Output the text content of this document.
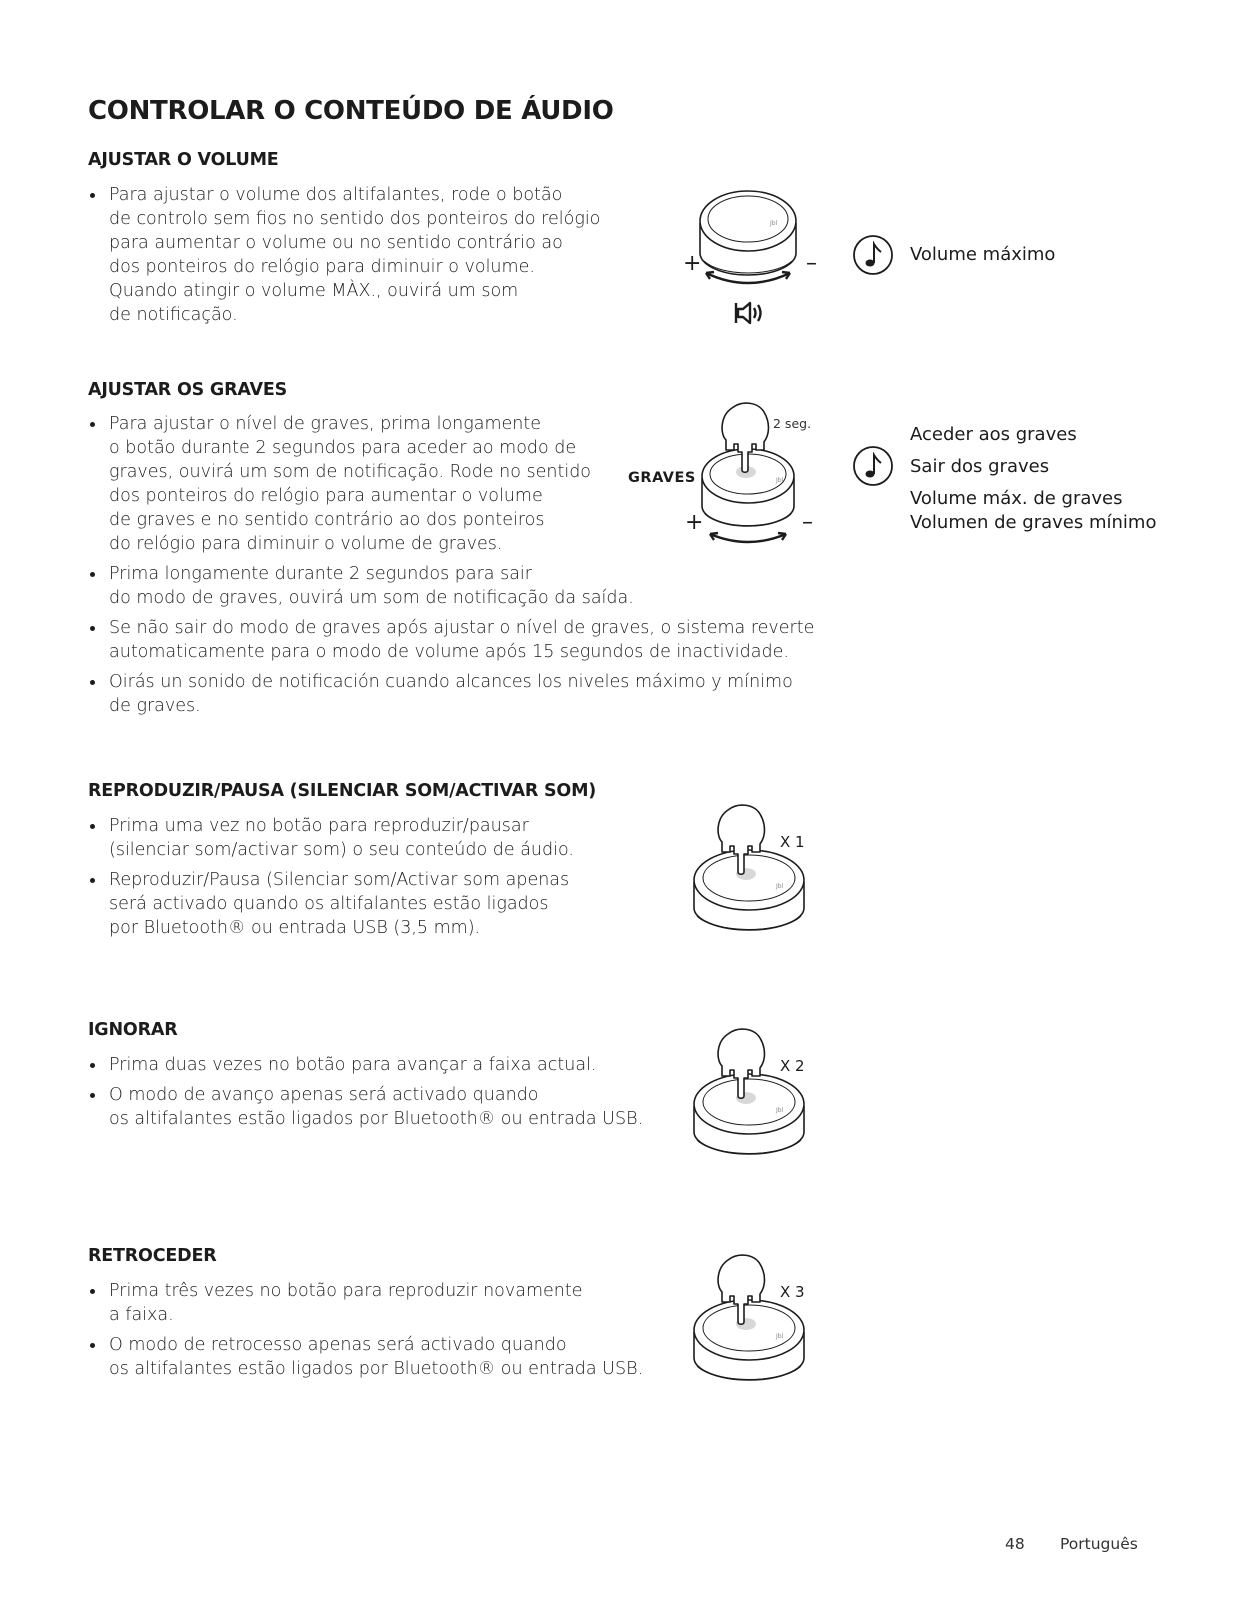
CONTROLAR O CONTEÚDO DE ÁUDIO
AJUSTAR O VOLUME
Para ajustar o volume dos altifalantes, rode o botão
de controlo sem fios no sentido dos ponteiros do relógio
para aumentar o volume ou no sentido contrário ao
dos ponteiros do relógio para diminuir o volume.
Quando atingir o volume MÀX., ouvirá um som
de notificação.
Jbl
+	–	Volume máximo
AJUSTAR OS GRAVES
Para ajustar o nível de graves, prima longamente
o botão durante 2 segundos para aceder ao modo de
graves, ouvirá um som de notificação. Rode no sentido
dos ponteiros do relógio para aumentar o volume
de graves e no sentido contrário ao dos ponteiros
do relógio para diminuir o volume de graves.
Prima longamente durante 2 segundos para sair
do modo de graves, ouvirá um som de notificação da saída.
Se não sair do modo de graves após ajustar o nível de graves, o sistema reverte
automaticamente para o modo de volume após 15 segundos de inactividade.
Oirás un sonido de notificación cuando alcances los niveles máximo y mínimo
de graves.
Jbl
2 seg.
GRAVES
+	–
Aceder aos graves
Sair dos graves
Volume máx. de graves
Volumen de graves mínimo
REPRODUZIR/PAUSA (SILENCIAR SOM/ACTIVAR SOM)
Prima uma vez no botão para reproduzir/pausar
(silenciar som/activar som) o seu conteúdo de áudio.
Reproduzir/Pausa (Silenciar som/Activar som apenas
será activado quando os altifalantes estão ligados
por Bluetooth® ou entrada USB (3,5 mm).
Jbl
X 1
IGNORAR
Prima duas vezes no botão para avançar a faixa actual.
O modo de avanço apenas será activado quando
os altifalantes estão ligados por Bluetooth® ou entrada USB.	Jbl
X 2
RETROCEDER
Prima três vezes no botão para reproduzir novamente
a faixa.
O modo de retrocesso apenas será activado quando
os altifalantes estão ligados por Bluetooth® ou entrada USB.
Jbl
X 3
48 Português
